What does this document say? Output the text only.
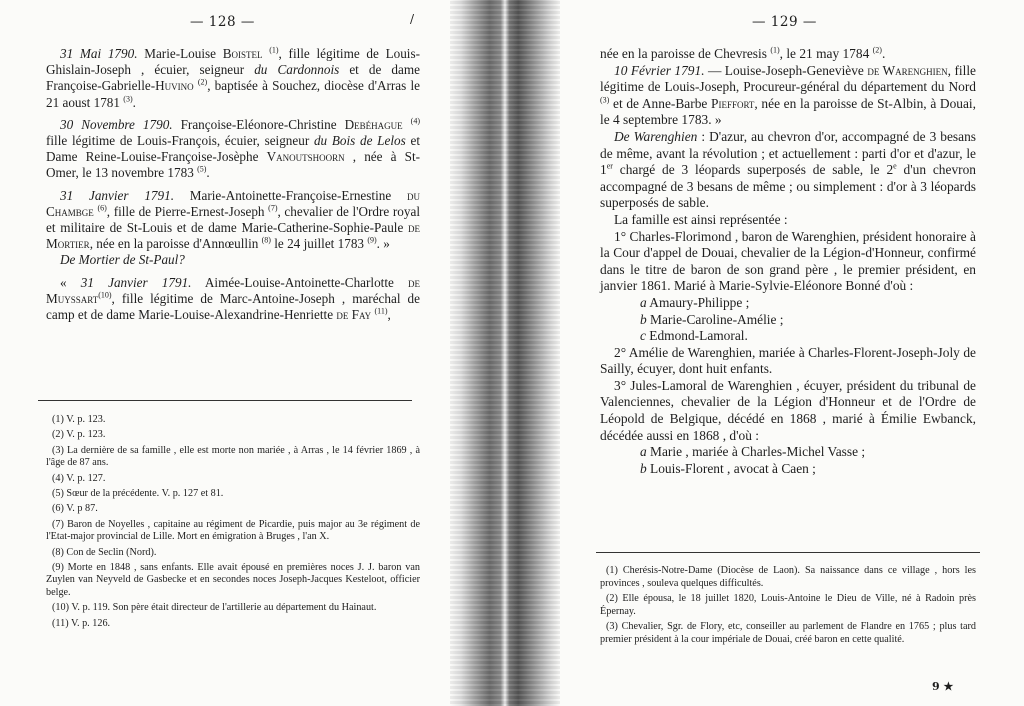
— 128 —	/

31 Mai 1790. Marie-Louise Boistel $^{(1)}$, fille légitime de Louis-Ghislain-Joseph , écuier, seigneur du Cardonnois et de dame Françoise-Gabrielle-Huvino $^{(2)}$, baptisée à Souchez, diocèse d'Arras le 21 aoust 1781 $^{(3)}$.

30 Novembre 1790. Françoise-Eléonore-Christine Debéhague $^{(4)}$ fille légitime de Louis-François, écuier, seigneur du Bois de Lelos et Dame Reine-Louise-Françoise-Josèphe Vanoutshoorn , née à St-Omer, le 13 novembre 1783 $^{(5)}$.

31 Janvier 1791. Marie-Antoinette-Françoise-Ernestine du Chambge $^{(6)}$, fille de Pierre-Ernest-Joseph $^{(7)}$, chevalier de l'Ordre royal et militaire de St-Louis et de dame Marie-Catherine-Sophie-Paule de Mortier, née en la paroisse d'Annœullin $^{(8)}$ le 24 juillet 1783 $^{(9)}$. »

De Mortier de St-Paul?

« 31 Janvier 1791. Aimée-Louise-Antoinette-Charlotte de Muyssart$^{(10)}$, fille légitime de Marc-Antoine-Joseph , maréchal de camp et de dame Marie-Louise-Alexandrine-Henriette de Fay $^{(11)}$,

(1) V. p. 123.

(2) V. p. 123.

(3) La dernière de sa famille , elle est morte non mariée , à Arras , le 14 février 1869 , à l'âge de 87 ans.

(4) V. p. 127.

(5) Sœur de la précédente. V. p. 127 et 81.

(6) V. p 87.

(7) Baron de Noyelles , capitaine au régiment de Picardie, puis major au 3e régiment de l'Etat-major provincial de Lille. Mort en émigration à Bruges , l'an X.

(8) Con de Seclin (Nord).

(9) Morte en 1848 , sans enfants. Elle avait épousé en premières noces J. J. baron van Zuylen van Neyveld de Gasbecke et en secondes noces Joseph-Jacques Kesteloot, officier belge.

(10) V. p. 119. Son père était directeur de l'artillerie au département du Hainaut.

(11) V. p. 126.

— 129 —

née en la paroisse de Chevresis $^{(1)}$, le 21 may 1784 $^{(2)}$.

10 Février 1791. — Louise-Joseph-Geneviève de Warenghien, fille légitime de Louis-Joseph, Procureur-général du département du Nord $^{(3)}$ et de Anne-Barbe Pieffort, née en la paroisse de St-Albin, à Douai, le 4 septembre 1783. »

De Warenghien : D'azur, au chevron d'or, accompagné de 3 besans de même, avant la révolution ; et actuellement : parti d'or et d'azur, le 1er chargé de 3 léopards superposés de sable, le 2e d'un chevron accompagné de 3 besans de même ; ou simplement : d'or à 3 léopards superposés de sable.

La famille est ainsi représentée :

1° Charles-Florimond , baron de Warenghien, président honoraire à la Cour d'appel de Douai, chevalier de la Légion-d'Honneur, confirmé dans le titre de baron de son grand père , le premier président, en janvier 1861. Marié à Marie-Sylvie-Eléonore Bonné d'où :

a Amaury-Philippe ;

b Marie-Caroline-Amélie ;

c Edmond-Lamoral.

2° Amélie de Warenghien, mariée à Charles-Florent-Joseph-Joly de Sailly, écuyer, dont huit enfants.

3° Jules-Lamoral de Warenghien , écuyer, président du tribunal de Valenciennes, chevalier de la Légion d'Honneur et de l'Ordre de Léopold de Belgique, décédé en 1868 , marié à Émilie Ewbanck, décédée aussi en 1868 , d'où :

a Marie , mariée à Charles-Michel Vasse ;

b Louis-Florent , avocat à Caen ;

(1) Cherésis-Notre-Dame (Diocèse de Laon). Sa naissance dans ce village , hors les provinces , souleva quelques difficultés.

(2) Elle épousa, le 18 juillet 1820, Louis-Antoine le Dieu de Ville, né à Radoin près Épernay.

(3) Chevalier, Sgr. de Flory, etc, conseiller au parlement de Flandre en 1765 ; plus tard premier président à la cour impériale de Douai, créé baron en cette qualité.

9 ★
